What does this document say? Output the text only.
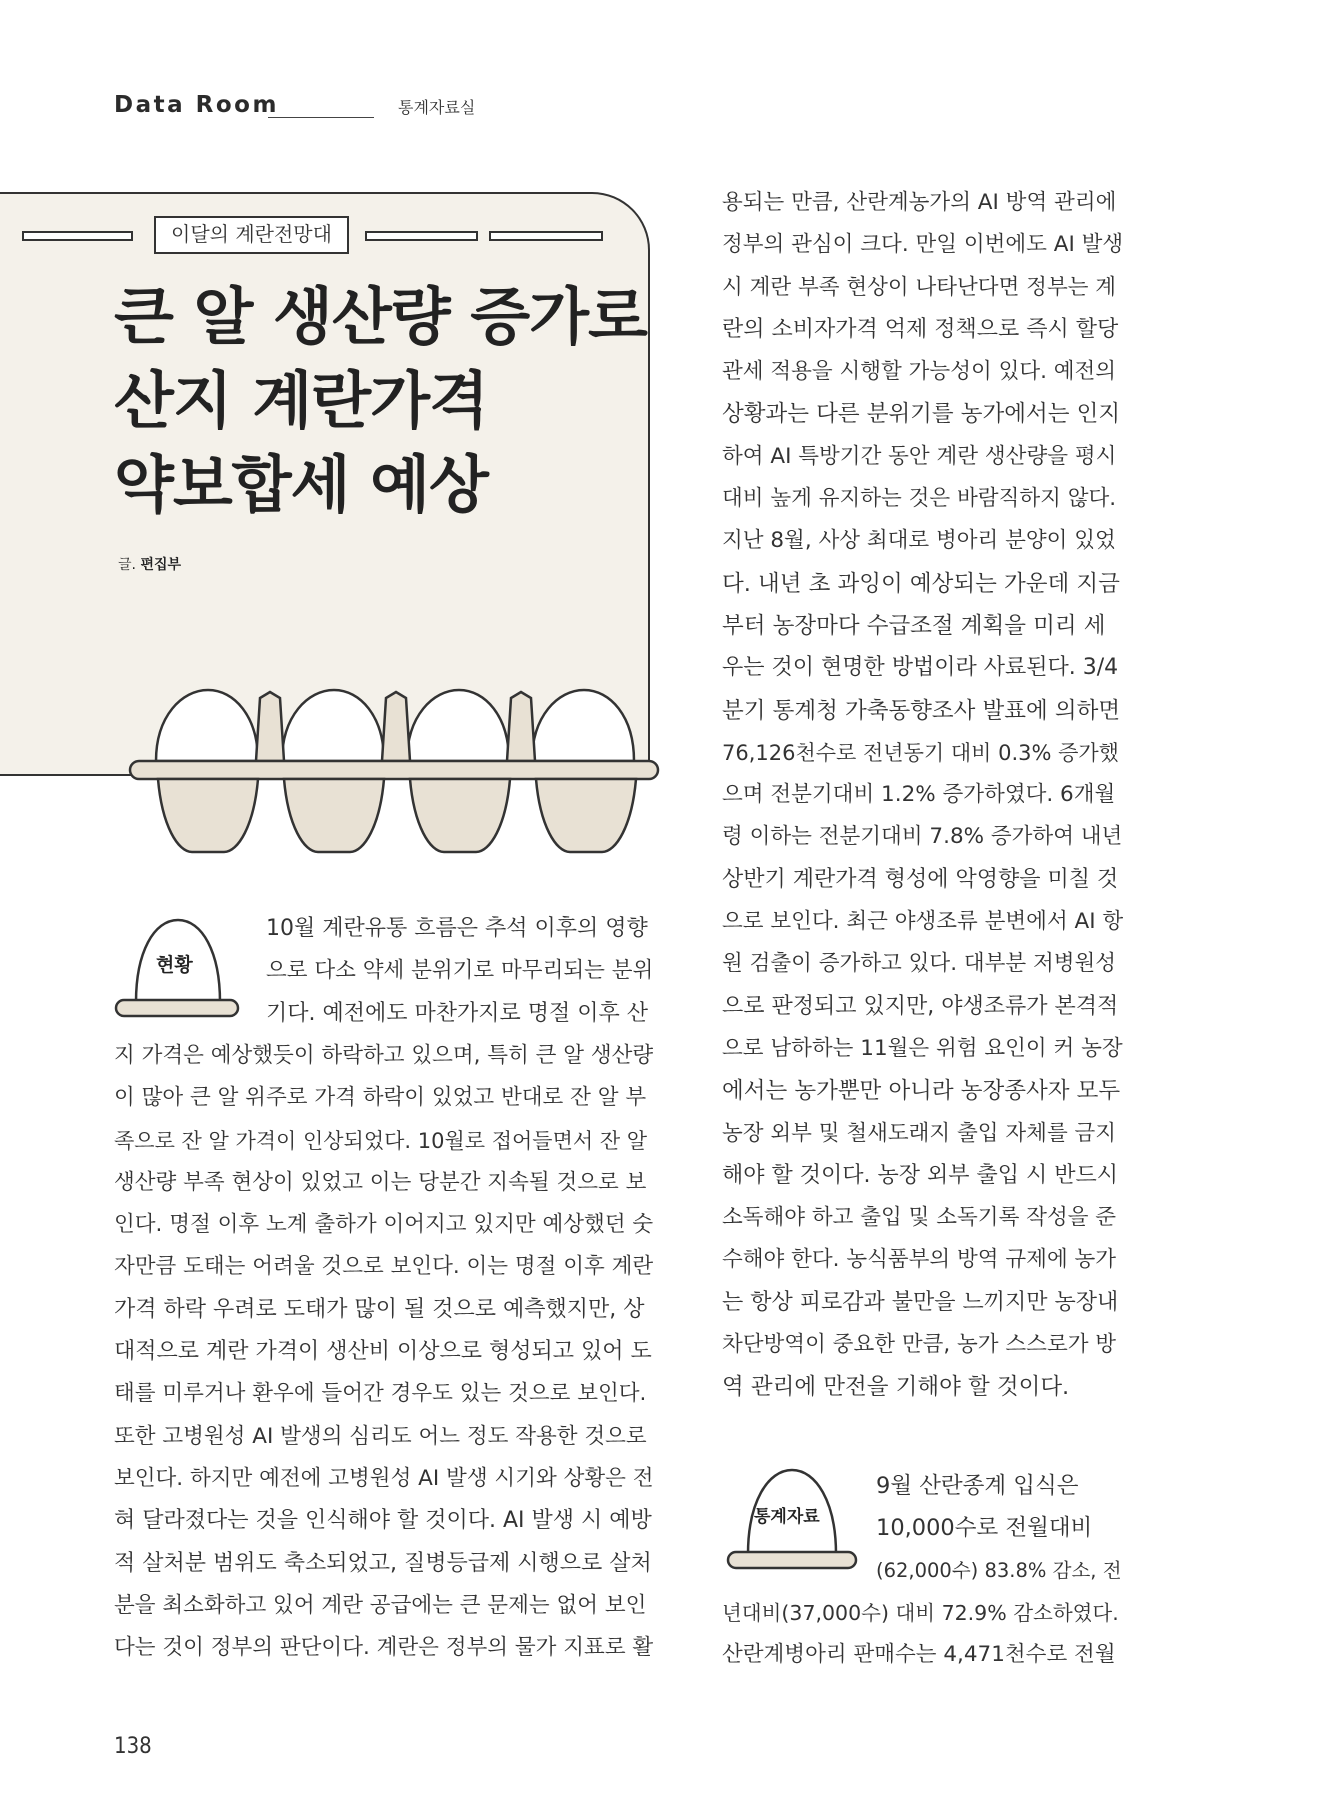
Data Room	통계자료실
이달의 계란전망대
큰 알 생산량 증가로
산지 계란가격
약보합세 예상
글. 편집부
현황
통계자료
10월 계란유통 흐름은 추석 이후의 영향
으로 다소 약세 분위기로 마무리되는 분위
기다. 예전에도 마찬가지로 명절 이후 산
지 가격은 예상했듯이 하락하고 있으며, 특히 큰 알 생산량
이 많아 큰 알 위주로 가격 하락이 있었고 반대로 잔 알 부
족으로 잔 알 가격이 인상되었다. 10월로 접어들면서 잔 알
생산량 부족 현상이 있었고 이는 당분간 지속될 것으로 보
인다. 명절 이후 노계 출하가 이어지고 있지만 예상했던 숫
자만큼 도태는 어려울 것으로 보인다. 이는 명절 이후 계란
가격 하락 우려로 도태가 많이 될 것으로 예측했지만, 상
대적으로 계란 가격이 생산비 이상으로 형성되고 있어 도
태를 미루거나 환우에 들어간 경우도 있는 것으로 보인다.
또한 고병원성 AI 발생의 심리도 어느 정도 작용한 것으로
보인다. 하지만 예전에 고병원성 AI 발생 시기와 상황은 전
혀 달라졌다는 것을 인식해야 할 것이다. AI 발생 시 예방
적 살처분 범위도 축소되었고, 질병등급제 시행으로 살처
분을 최소화하고 있어 계란 공급에는 큰 문제는 없어 보인
다는 것이 정부의 판단이다. 계란은 정부의 물가 지표로 활
용되는 만큼, 산란계농가의 AI 방역 관리에
정부의 관심이 크다. 만일 이번에도 AI 발생
시 계란 부족 현상이 나타난다면 정부는 계
란의 소비자가격 억제 정책으로 즉시 할당
관세 적용을 시행할 가능성이 있다. 예전의
상황과는 다른 분위기를 농가에서는 인지
하여 AI 특방기간 동안 계란 생산량을 평시
대비 높게 유지하는 것은 바람직하지 않다.
지난 8월, 사상 최대로 병아리 분양이 있었
다. 내년 초 과잉이 예상되는 가운데 지금
부터 농장마다 수급조절 계획을 미리 세
우는 것이 현명한 방법이라 사료된다. 3/4
분기 통계청 가축동향조사 발표에 의하면
76,126천수로 전년동기 대비 0.3% 증가했
으며 전분기대비 1.2% 증가하였다. 6개월
령 이하는 전분기대비 7.8% 증가하여 내년
상반기 계란가격 형성에 악영향을 미칠 것
으로 보인다. 최근 야생조류 분변에서 AI 항
원 검출이 증가하고 있다. 대부분 저병원성
으로 판정되고 있지만, 야생조류가 본격적
으로 남하하는 11월은 위험 요인이 커 농장
에서는 농가뿐만 아니라 농장종사자 모두
농장 외부 및 철새도래지 출입 자체를 금지
해야 할 것이다. 농장 외부 출입 시 반드시
소독해야 하고 출입 및 소독기록 작성을 준
수해야 한다. 농식품부의 방역 규제에 농가
는 항상 피로감과 불만을 느끼지만 농장내
차단방역이 중요한 만큼, 농가 스스로가 방
역 관리에 만전을 기해야 할 것이다.
9월 산란종계 입식은
10,000수로 전월대비
(62,000수) 83.8% 감소, 전
년대비(37,000수) 대비 72.9% 감소하였다.
산란계병아리 판매수는 4,471천수로 전월
138
